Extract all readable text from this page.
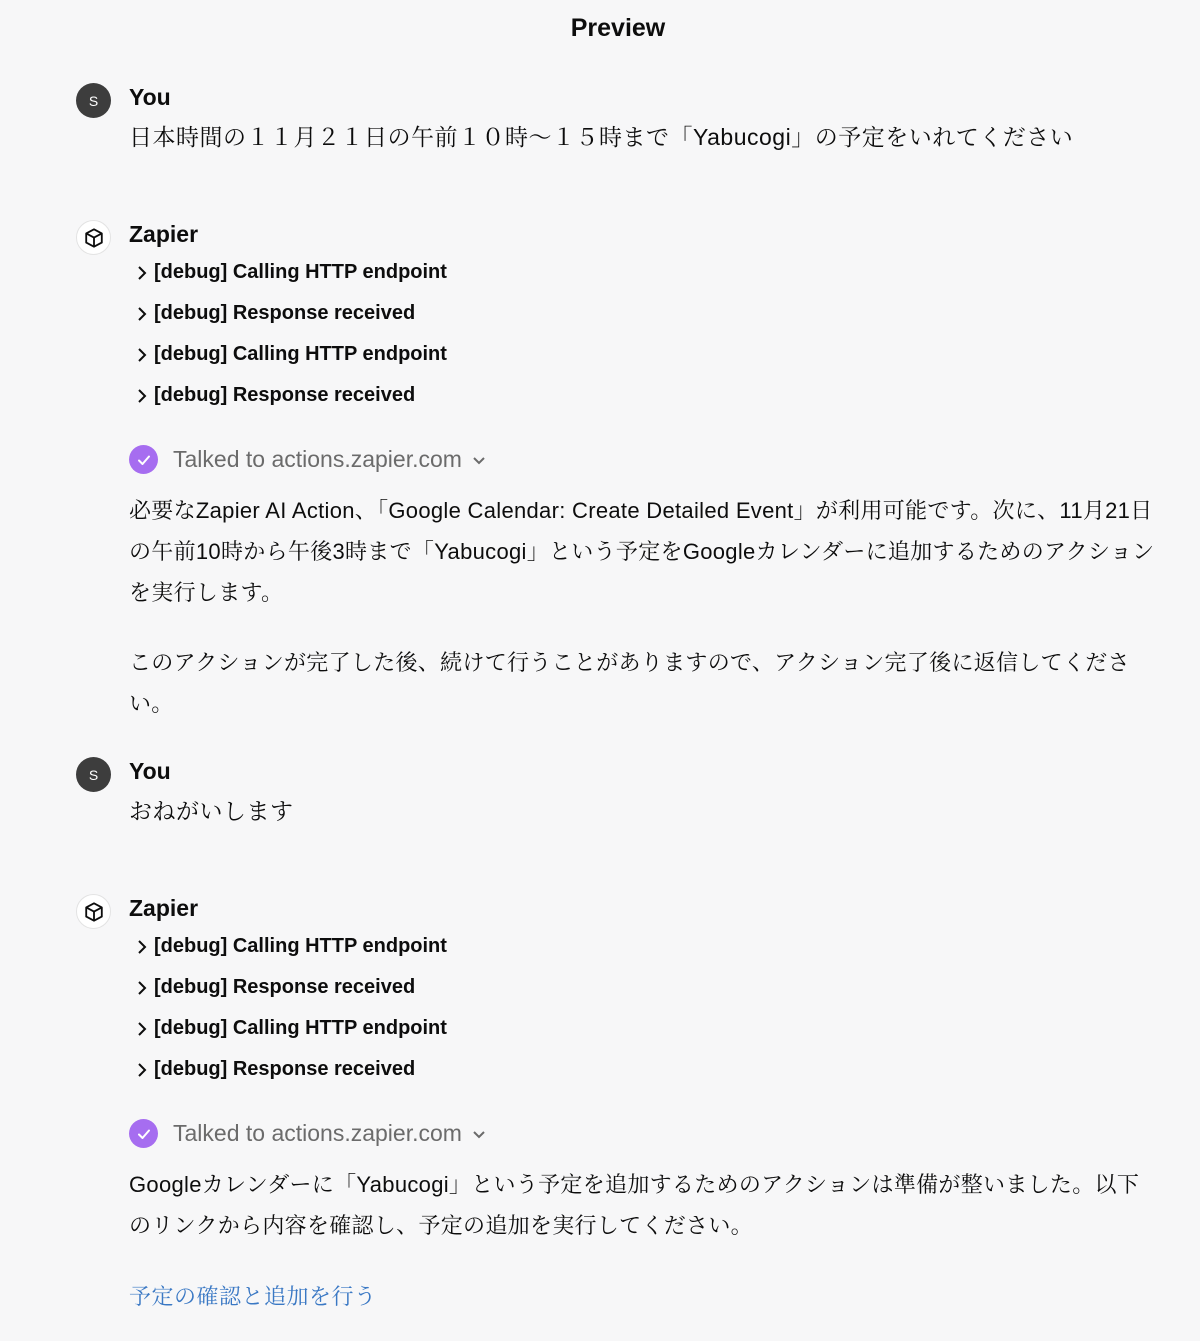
Preview
S	You
日本時間の１１月２１日の午前１０時〜１５時まで「Yabucogi」の予定をいれてください
Zapier
[debug] Calling HTTP endpoint
[debug] Response received
[debug] Calling HTTP endpoint
[debug] Response received
Talked to actions.zapier.com

必要なZapier AI Action、「Google Calendar: Create Detailed Event」が利用可能です。次に、11月21日の午前10時から午後3時まで「Yabucogi」という予定をGoogleカレンダーに追加するためのアクションを実行します。

このアクションが完了した後、続けて行うことがありますので、アクション完了後に返信してください。

S	You
おねがいします
Zapier
[debug] Calling HTTP endpoint
[debug] Response received
[debug] Calling HTTP endpoint
[debug] Response received
Talked to actions.zapier.com

Googleカレンダーに「Yabucogi」という予定を追加するためのアクションは準備が整いました。以下のリンクから内容を確認し、予定の追加を実行してください。

予定の確認と追加を行う
